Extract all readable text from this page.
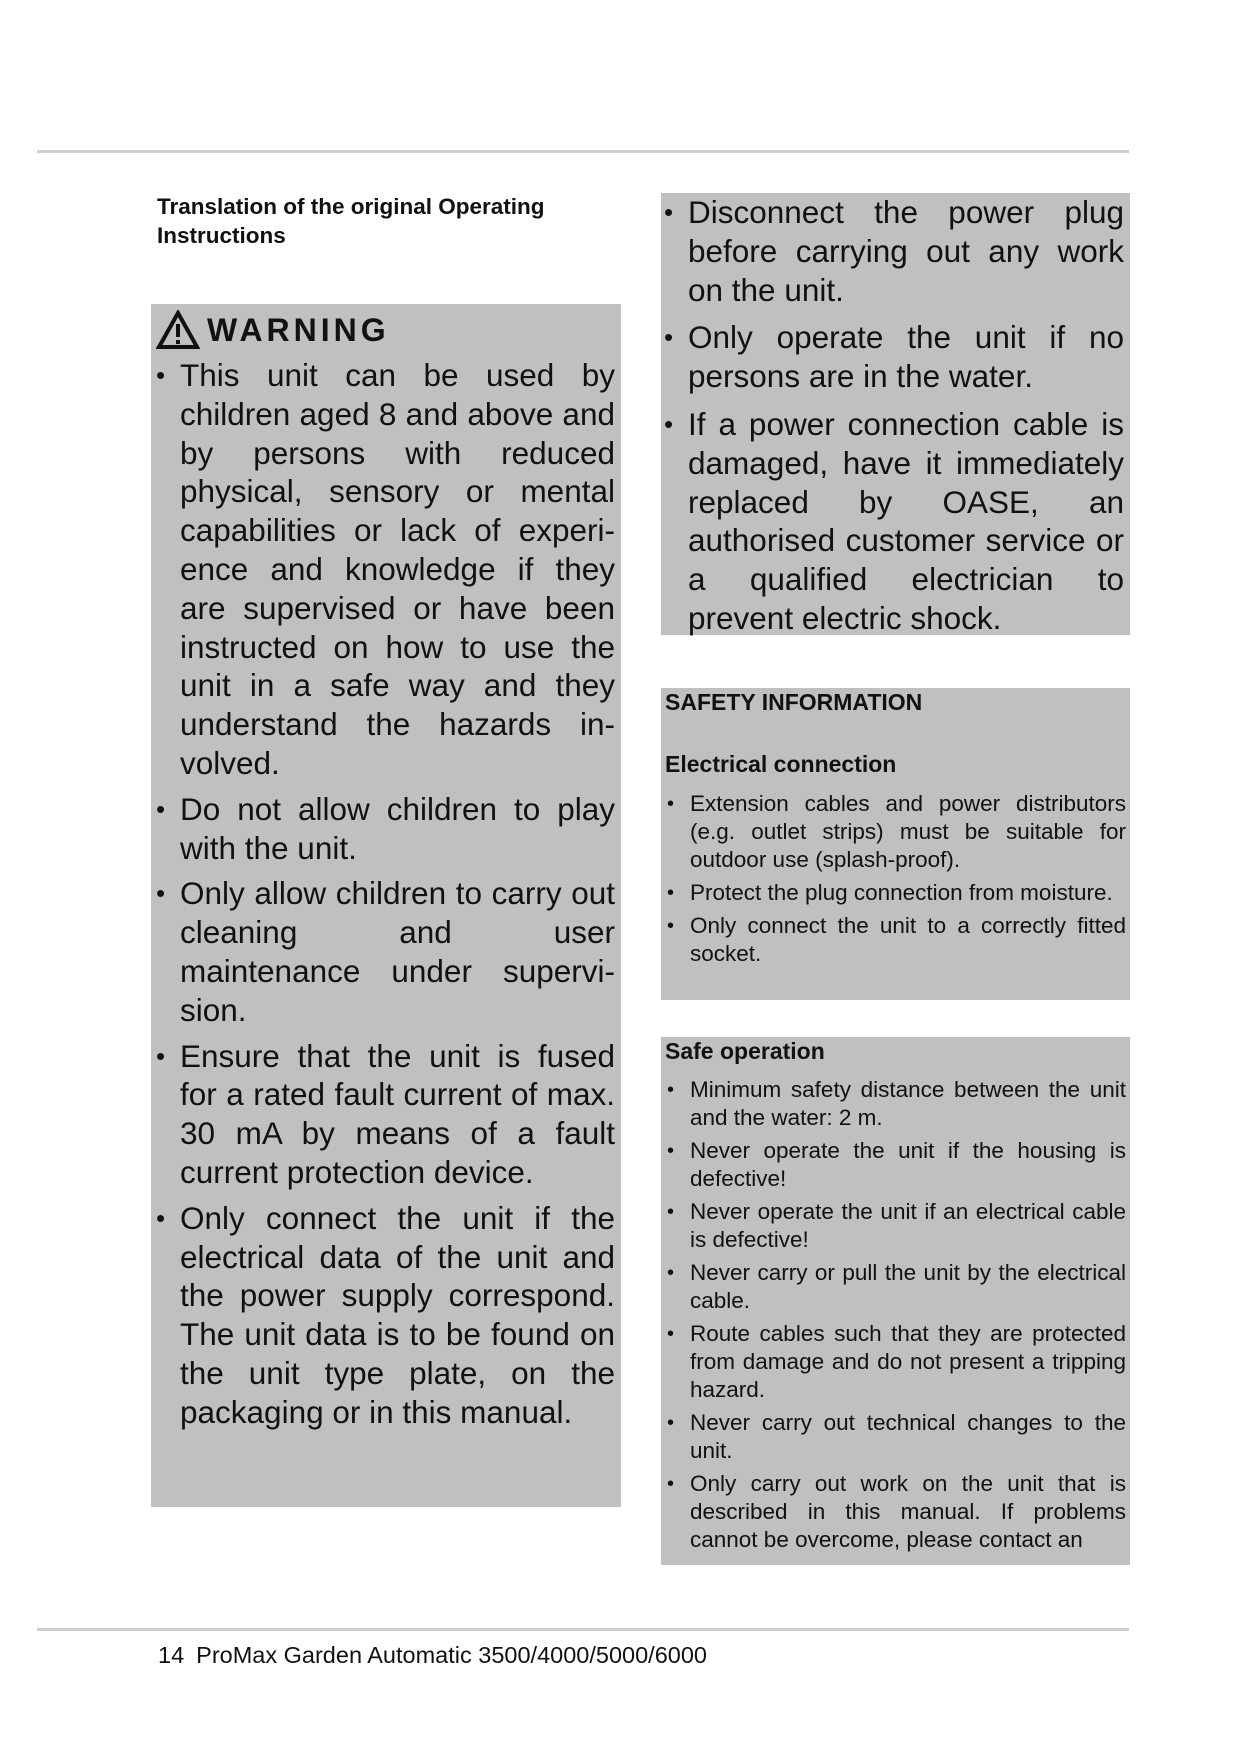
Translation of the original Operating Instructions
WARNING
• This unit can be used by children aged 8 and above and by persons with reduced physical, sensory or mental capabilities or lack of experience and knowledge if they are supervised or have been instructed on how to use the unit in a safe way and they understand the hazards involved.
• Do not allow children to play with the unit.
• Only allow children to carry out cleaning and user maintenance under supervision.
• Ensure that the unit is fused for a rated fault current of max. 30 mA by means of a fault current protection device.
• Only connect the unit if the electrical data of the unit and the power supply correspond. The unit data is to be found on the unit type plate, on the packaging or in this manual.
• Disconnect the power plug before carrying out any work on the unit.
• Only operate the unit if no persons are in the water.
• If a power connection cable is damaged, have it immediately replaced by OASE, an authorised customer service or a qualified electrician to prevent electric shock.
SAFETY INFORMATION
Electrical connection
• Extension cables and power distributors (e.g. outlet strips) must be suitable for outdoor use (splash-proof).
• Protect the plug connection from moisture.
• Only connect the unit to a correctly fitted socket.
Safe operation
• Minimum safety distance between the unit and the water: 2 m.
• Never operate the unit if the housing is defective!
• Never operate the unit if an electrical cable is defective!
• Never carry or pull the unit by the electrical cable.
• Route cables such that they are protected from damage and do not present a tripping hazard.
• Never carry out technical changes to the unit.
• Only carry out work on the unit that is described in this manual. If problems cannot be overcome, please contact an
14 ProMax Garden Automatic 3500/4000/5000/6000
